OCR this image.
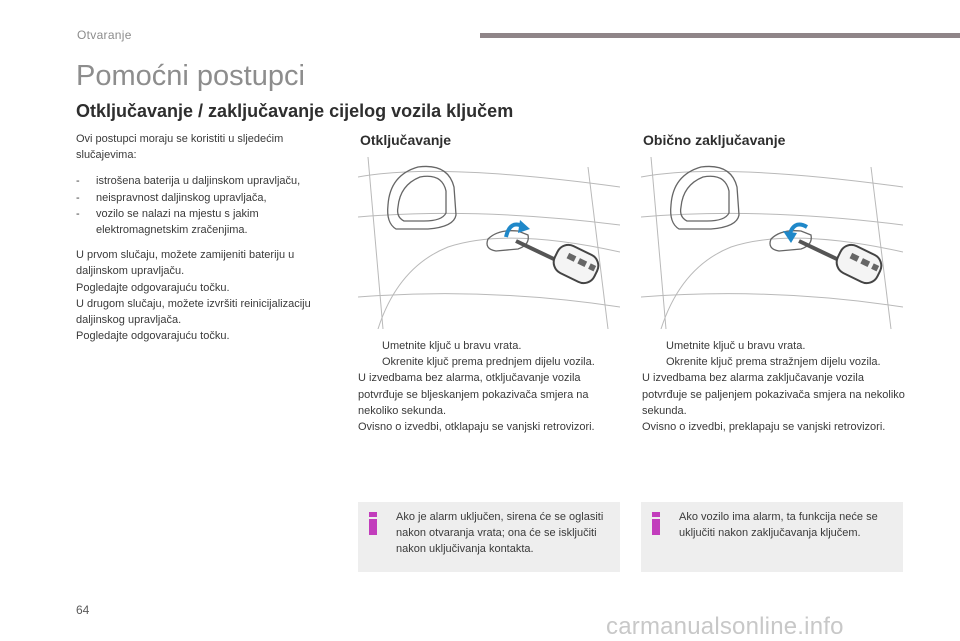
Otvaranje
Pomoćni postupci
Otključavanje / zaključavanje cijelog vozila ključem

Ovi postupci moraju se koristiti u sljedećim slučajevima:

- istrošena baterija u daljinskom upravljaču,
- neispravnost daljinskog upravljača,
- vozilo se nalazi na mjestu s jakim elektromagnetskim zračenjima.
U prvom slučaju, možete zamijeniti bateriju u daljinskom upravljaču.
Pogledajte odgovarajuću točku.
U drugom slučaju, možete izvršiti reinicijalizaciju daljinskog upravljača.
Pogledajte odgovarajuću točku.
Otključavanje	Obično zaključavanje
Umetnite ključ u bravu vrata.
Okrenite ključ prema prednjem dijelu vozila.
U izvedbama bez alarma, otključavanje vozila potvrđuje se bljeskanjem pokazivača smjera na nekoliko sekunda.
Ovisno o izvedbi, otklapaju se vanjski retrovizori.
Umetnite ključ u bravu vrata.
Okrenite ključ prema stražnjem dijelu vozila.
U izvedbama bez alarma zaključavanje vozila potvrđuje se paljenjem pokazivača smjera na nekoliko sekunda.
Ovisno o izvedbi, preklapaju se vanjski retrovizori.
Ako je alarm uključen, sirena će se oglasiti nakon otvaranja vrata; ona će se isključiti nakon uključivanja kontakta.
Ako vozilo ima alarm, ta funkcija neće se uključiti nakon zaključavanja ključem.
64
carmanualsonline.info
